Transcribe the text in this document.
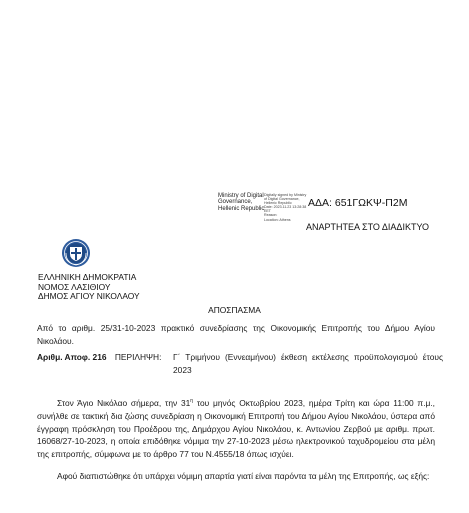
Ministry of Digital
Governance,
Hellenic Republic
Digitally signed by Ministry
of Digital Governance,
Hellenic Republic
Date: 2023.11.23 13:28:38
EET
Reason:
Location: Athens
ΑΔΑ: 651ΓΩΚΨ-Π2Μ
ΑΝΑΡΤΗΤΕΑ ΣΤΟ ΔΙΑΔΙΚΤΥΟ
ΕΛΛΗΝΙΚΗ ΔΗΜΟΚΡΑΤΙΑ
ΝΟΜΟΣ ΛΑΣΙΘΙΟΥ
ΔΗΜΟΣ ΑΓΙΟΥ ΝΙΚΟΛΑΟΥ
ΑΠΟΣΠΑΣΜΑ
Από το αριθμ. 25/31-10-2023 πρακτικό συνεδρίασης της Οικονομικής Επιτροπής του Δήμου Αγίου Νικολάου.
Αριθμ. Αποφ. 216 ΠΕΡΙΛΗΨΗ:	Γ΄ Τριμήνου (Εννεαμήνου) έκθεση εκτέλεσης προϋπολογισμού έτους 2023
Στον Άγιο Νικόλαο σήμερα, την $31^\eta$ του μηνός Οκτωβρίου 2023, ημέρα Τρίτη και ώρα 11:00 π.μ., συνήλθε σε τακτική δια ζώσης συνεδρίαση η Οικονομική Επιτροπή του Δήμου Αγίου Νικολάου, ύστερα από έγγραφη πρόσκληση του Προέδρου της, Δημάρχου Αγίου Νικολάου, κ. Αντωνίου Ζερβού με αριθμ. πρωτ. 16068/27-10-2023, η οποία επιδόθηκε νόμιμα την 27-10-2023 μέσω ηλεκτρονικού ταχυδρομείου στα μέλη της επιτροπής, σύμφωνα με το άρθρο 77 του Ν.4555/18 όπως ισχύει.
Αφού διαπιστώθηκε ότι υπάρχει νόμιμη απαρτία γιατί είναι παρόντα τα μέλη της Επιτροπής, ως εξής:
